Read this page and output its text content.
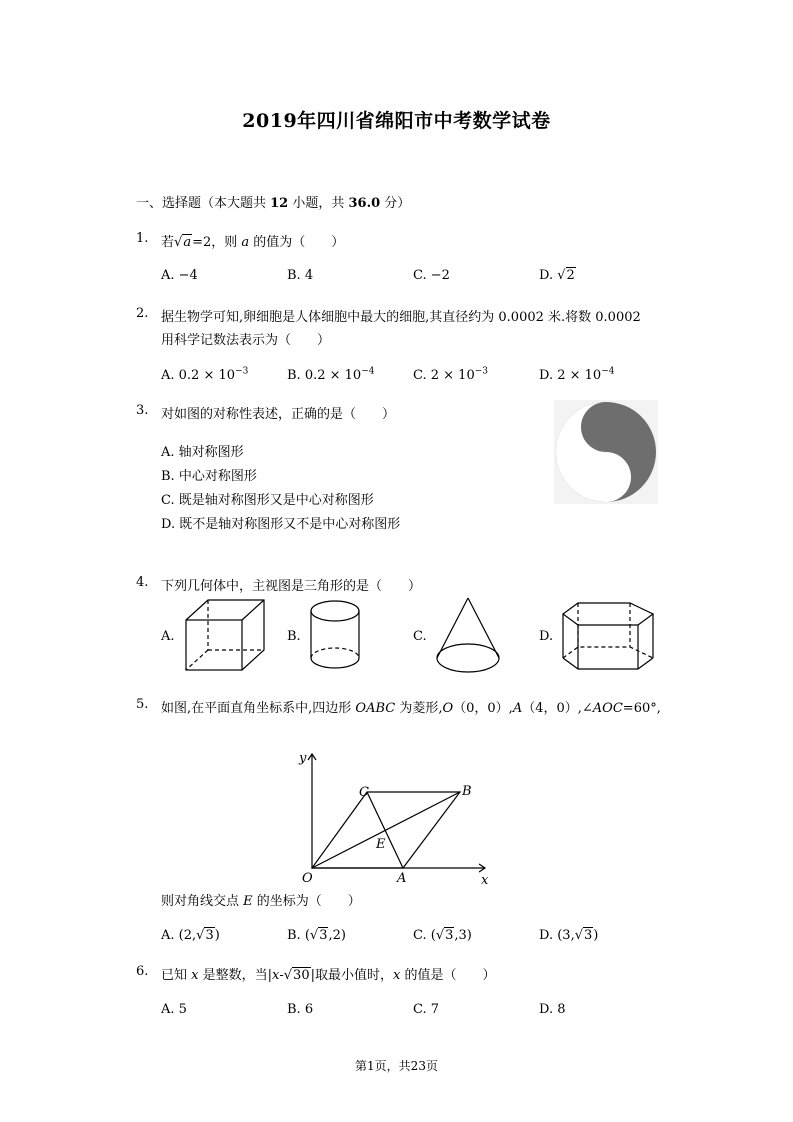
2019年四川省绵阳市中考数学试卷
一、选择题（本大题共 12 小题，共 36.0 分）
1. 若√a=2，则 a 的值为（　　）
A. −4	B. 4	C. −2	D. √2
2. 据生物学可知,卵细胞是人体细胞中最大的细胞,其直径约为 0.0002 米.将数 0.0002
用科学记数法表示为（　　）
A. $0.2 \times 10^{-3}$	B. $0.2 \times 10^{-4}$	C. $2 \times 10^{-3}$	D. $2 \times 10^{-4}$
3. 对如图的对称性表述，正确的是（　　）
A. 轴对称图形
B. 中心对称图形
C. 既是轴对称图形又是中心对称图形
D. 既不是轴对称图形又不是中心对称图形
4. 下列几何体中，主视图是三角形的是（　　）
A.	B.	C.	D.
5. 如图,在平面直角坐标系中,四边形 OABC 为菱形,O（0，0）,A（4，0）,∠AOC=60°,
y
x
O	A
B
C
E
则对角线交点 E 的坐标为（　　）
A. (2,√3)	B. (√3,2)	C. (√3,3)	D. (3,√3)
6. 已知 x 是整数，当|x-√30|取最小值时，x 的值是（　　）
A. 5	B. 6	C. 7	D. 8
第1页，共23页
